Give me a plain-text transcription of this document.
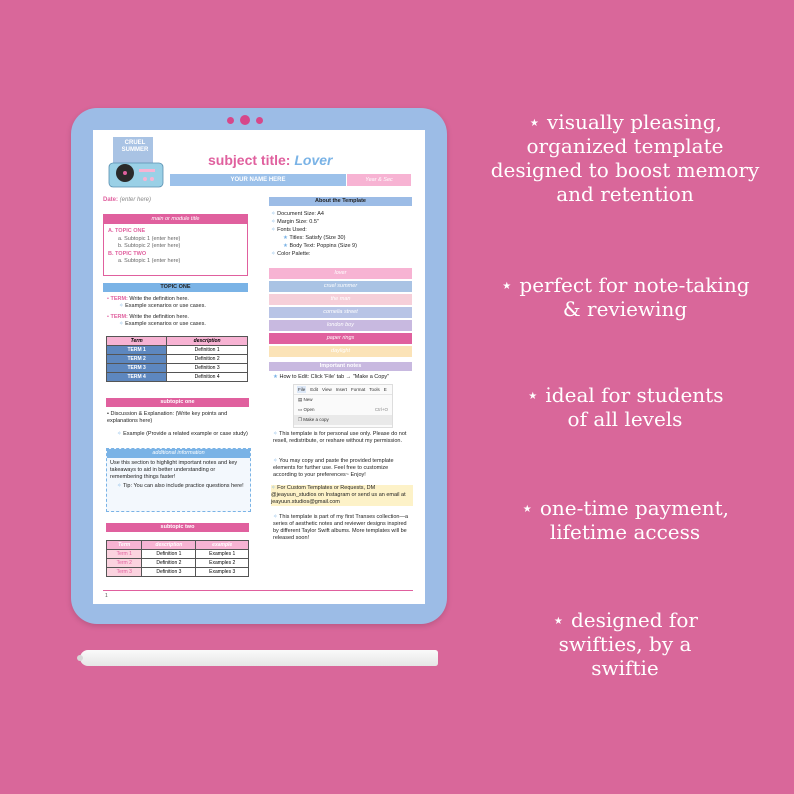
CRUEL SUMMER
subject title: Lover
YOUR NAME HERE	Year & Sec
Date: (enter here)
main or module title
A. TOPIC ONE
a. Subtopic 1 (enter here)
b. Subtopic 2 (enter here)
B. TOPIC TWO
a. Subtopic 1 (enter here)
TOPIC ONE
• TERM: Write the definition here.
✧ Example scenarios or use cases.
• TERM: Write the definition here.
✧ Example scenarios or use cases.
Term	description
TERM 1	Definition 1
TERM 2	Definition 2
TERM 3	Definition 3
TERM 4	Definition 4
subtopic one
• Discussion & Explanation: (Write key points and explanations here)
✧ Example (Provide a related example or case study)
additional information
Use this section to highlight important notes and key takeaways to aid in better understanding or remembering things faster!
✧ Tip: You can also include practice questions here!
subtopic two
Term	description	example
Term 1	Definition 1	Examples 1
Term 2	Definition 2	Examples 2
Term 3	Definition 3	Examples 3
1
About the Template
✧ Document Size: A4
✧ Margin Size: 0.5"
✧ Fonts Used:
★ Titles: Satisfy (Size 30)
★ Body Text: Poppins (Size 9)
✧ Color Palette:
lover
cruel summer
the man
cornelia street
london boy
paper rings
daylight
Important notes
★ How to Edit: Click 'File' tab → "Make a Copy"
File Edit View Insert Format Tools E
▤ New
▭ Open	Ctrl+O
❐ Make a copy
✧ This template is for personal use only. Please do not resell, redistribute, or reshare without my permission.
✧ You may copy and paste the provided template elements for further use. Feel free to customize according to your preferences~ Enjoy!
✧ For Custom Templates or Requests, DM @jeayuun_studios on Instagram or send us an email at jeayuun.studios@gmail.com
✧ This template is part of my first Transes collection—a series of aesthetic notes and reviewer designs inspired by different Taylor Swift albums. More templates will be released soon!
⋆ visually pleasing, organized template designed to boost memory and retention
⋆ perfect for note-taking & reviewing
⋆ ideal for students of all levels
⋆ one-time payment, lifetime access
⋆ designed for swifties, by a swiftie
